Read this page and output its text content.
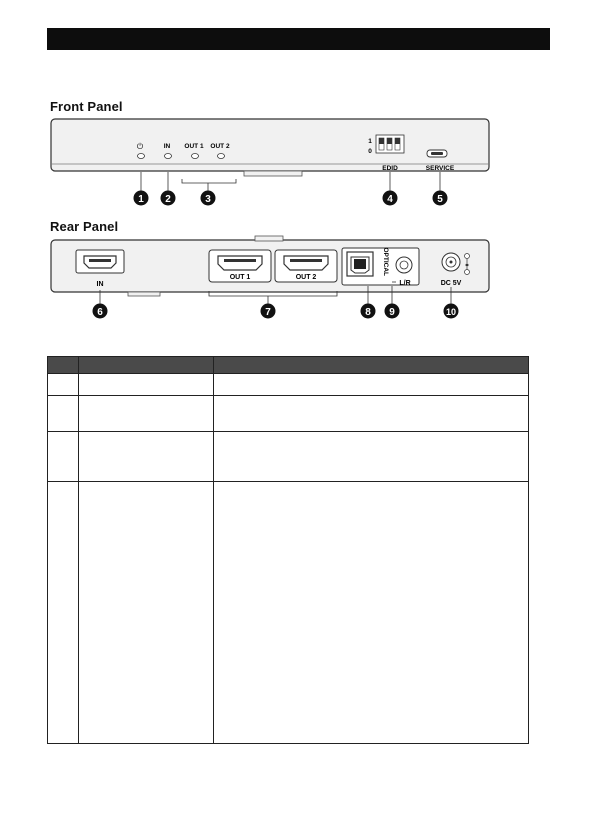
Front Panel
Rear Panel
⏻	IN OUT 1 OUT 2
1
0
EDID	SERVICE
1 2	3	4	5
IN
OUT 1	OUT 2
OPTICAL
L/R	DC 5V
6	7	8 9	10
